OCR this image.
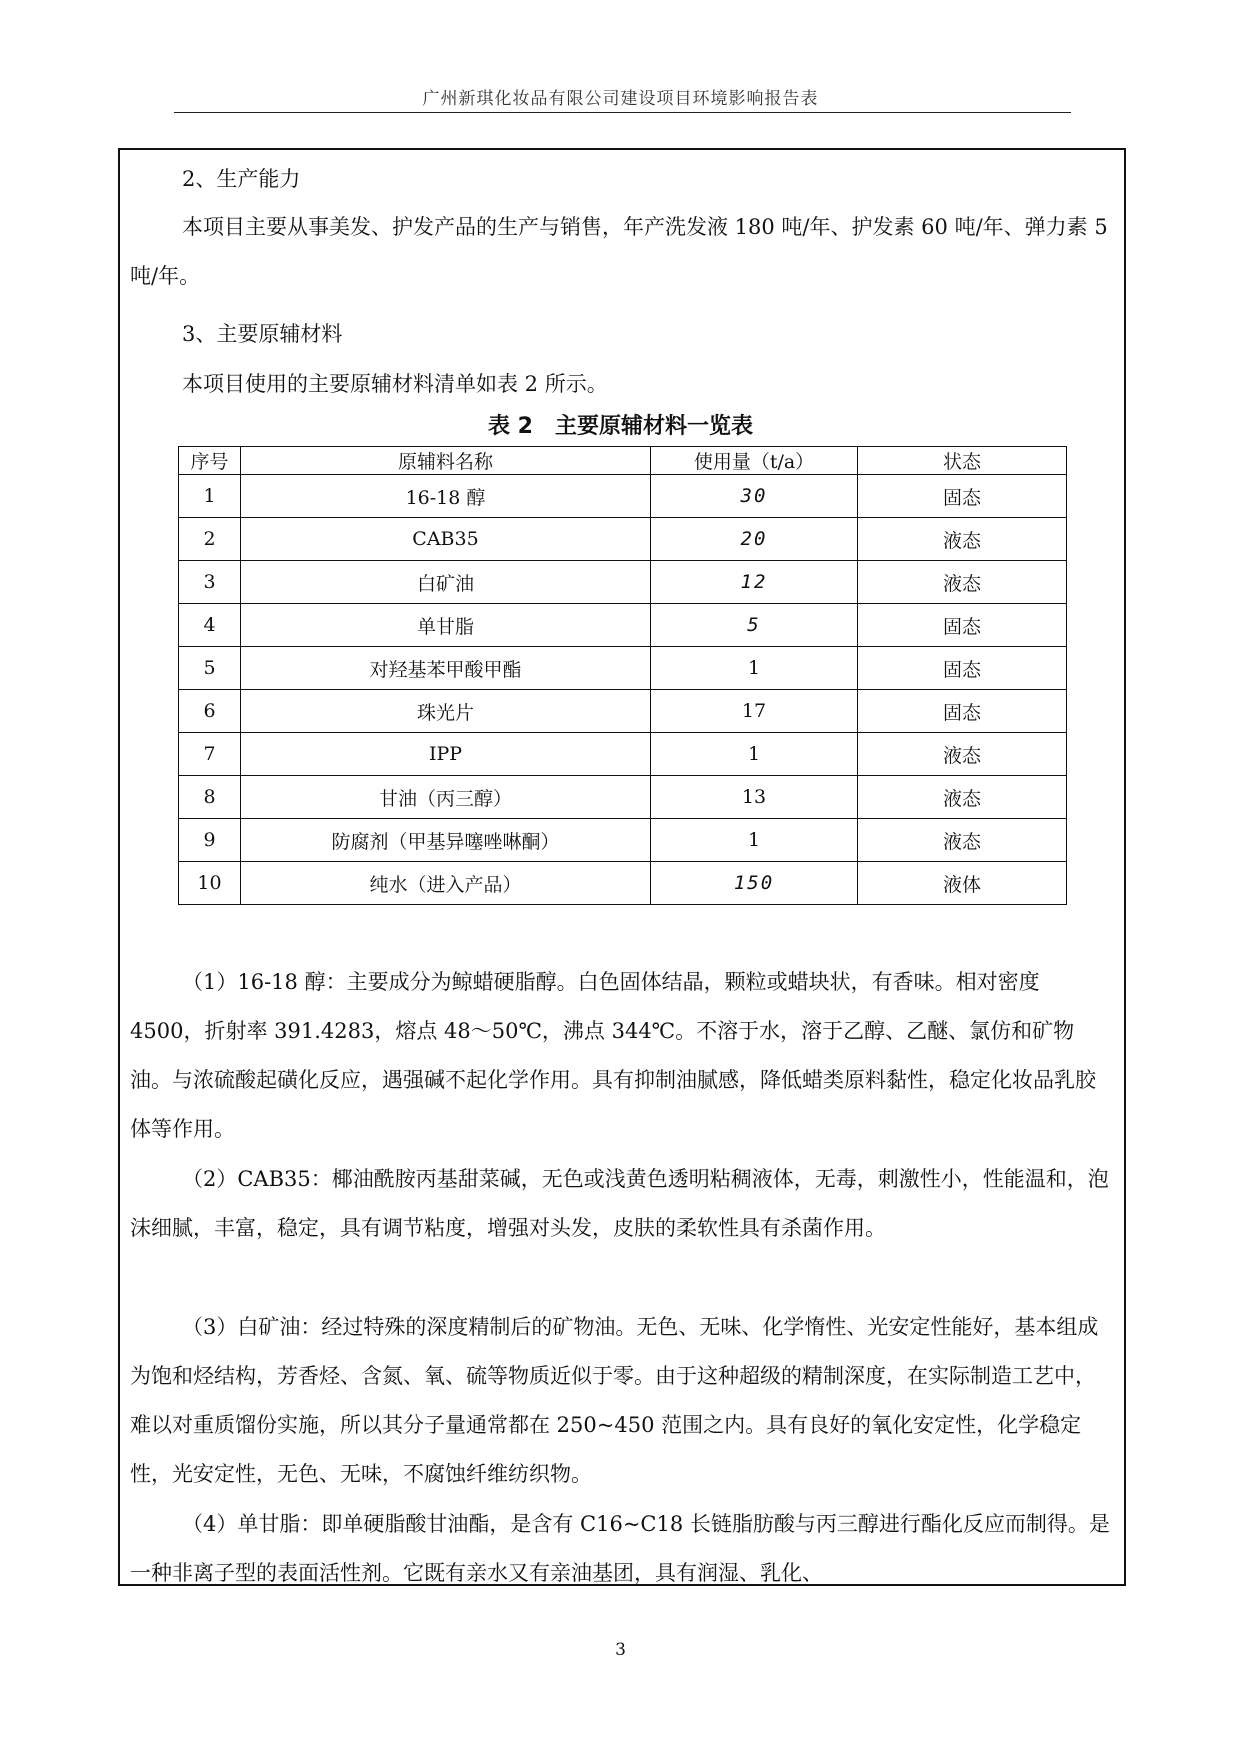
广州新琪化妆品有限公司建设项目环境影响报告表
2、生产能力

本项目主要从事美发、护发产品的生产与销售，年产洗发液 180 吨/年、护发素 60 吨/年、弹力素 5 吨/年。

3、主要原辅材料
本项目使用的主要原辅材料清单如表 2 所示。
表 2　主要原辅材料一览表
序号	原辅料名称	使用量（t/a）	状态
1	16-18 醇	30	固态
2	CAB35	20	液态
3	白矿油	12	液态
4	单甘脂	5	固态
5	对羟基苯甲酸甲酯	1	固态
6	珠光片	17	固态
7	IPP	1	液态
8	甘油（丙三醇）	13	液态
9	防腐剂（甲基异噻唑啉酮）	1	液态
10	纯水（进入产品）	150	液体

（1）16-18 醇：主要成分为鲸蜡硬脂醇。白色固体结晶，颗粒或蜡块状，有香味。相对密度 4500，折射率 391.4283，熔点 48～50℃，沸点 344℃。不溶于水，溶于乙醇、乙醚、氯仿和矿物油。与浓硫酸起磺化反应，遇强碱不起化学作用。具有抑制油腻感，降低蜡类原料黏性，稳定化妆品乳胶体等作用。

（2）CAB35：椰油酰胺丙基甜菜碱，无色或浅黄色透明粘稠液体，无毒，刺激性小，性能温和，泡沫细腻，丰富，稳定，具有调节粘度，增强对头发，皮肤的柔软性具有杀菌作用。

（3）白矿油：经过特殊的深度精制后的矿物油。无色、无味、化学惰性、光安定性能好，基本组成为饱和烃结构，芳香烃、含氮、氧、硫等物质近似于零。由于这种超级的精制深度，在实际制造工艺中，难以对重质馏份实施，所以其分子量通常都在 250~450 范围之内。具有良好的氧化安定性，化学稳定性，光安定性，无色、无味，不腐蚀纤维纺织物。

（4）单甘脂：即单硬脂酸甘油酯，是含有 C16~C18 长链脂肪酸与丙三醇进行酯化反应而制得。是一种非离子型的表面活性剂。它既有亲水又有亲油基团，具有润湿、乳化、

3
